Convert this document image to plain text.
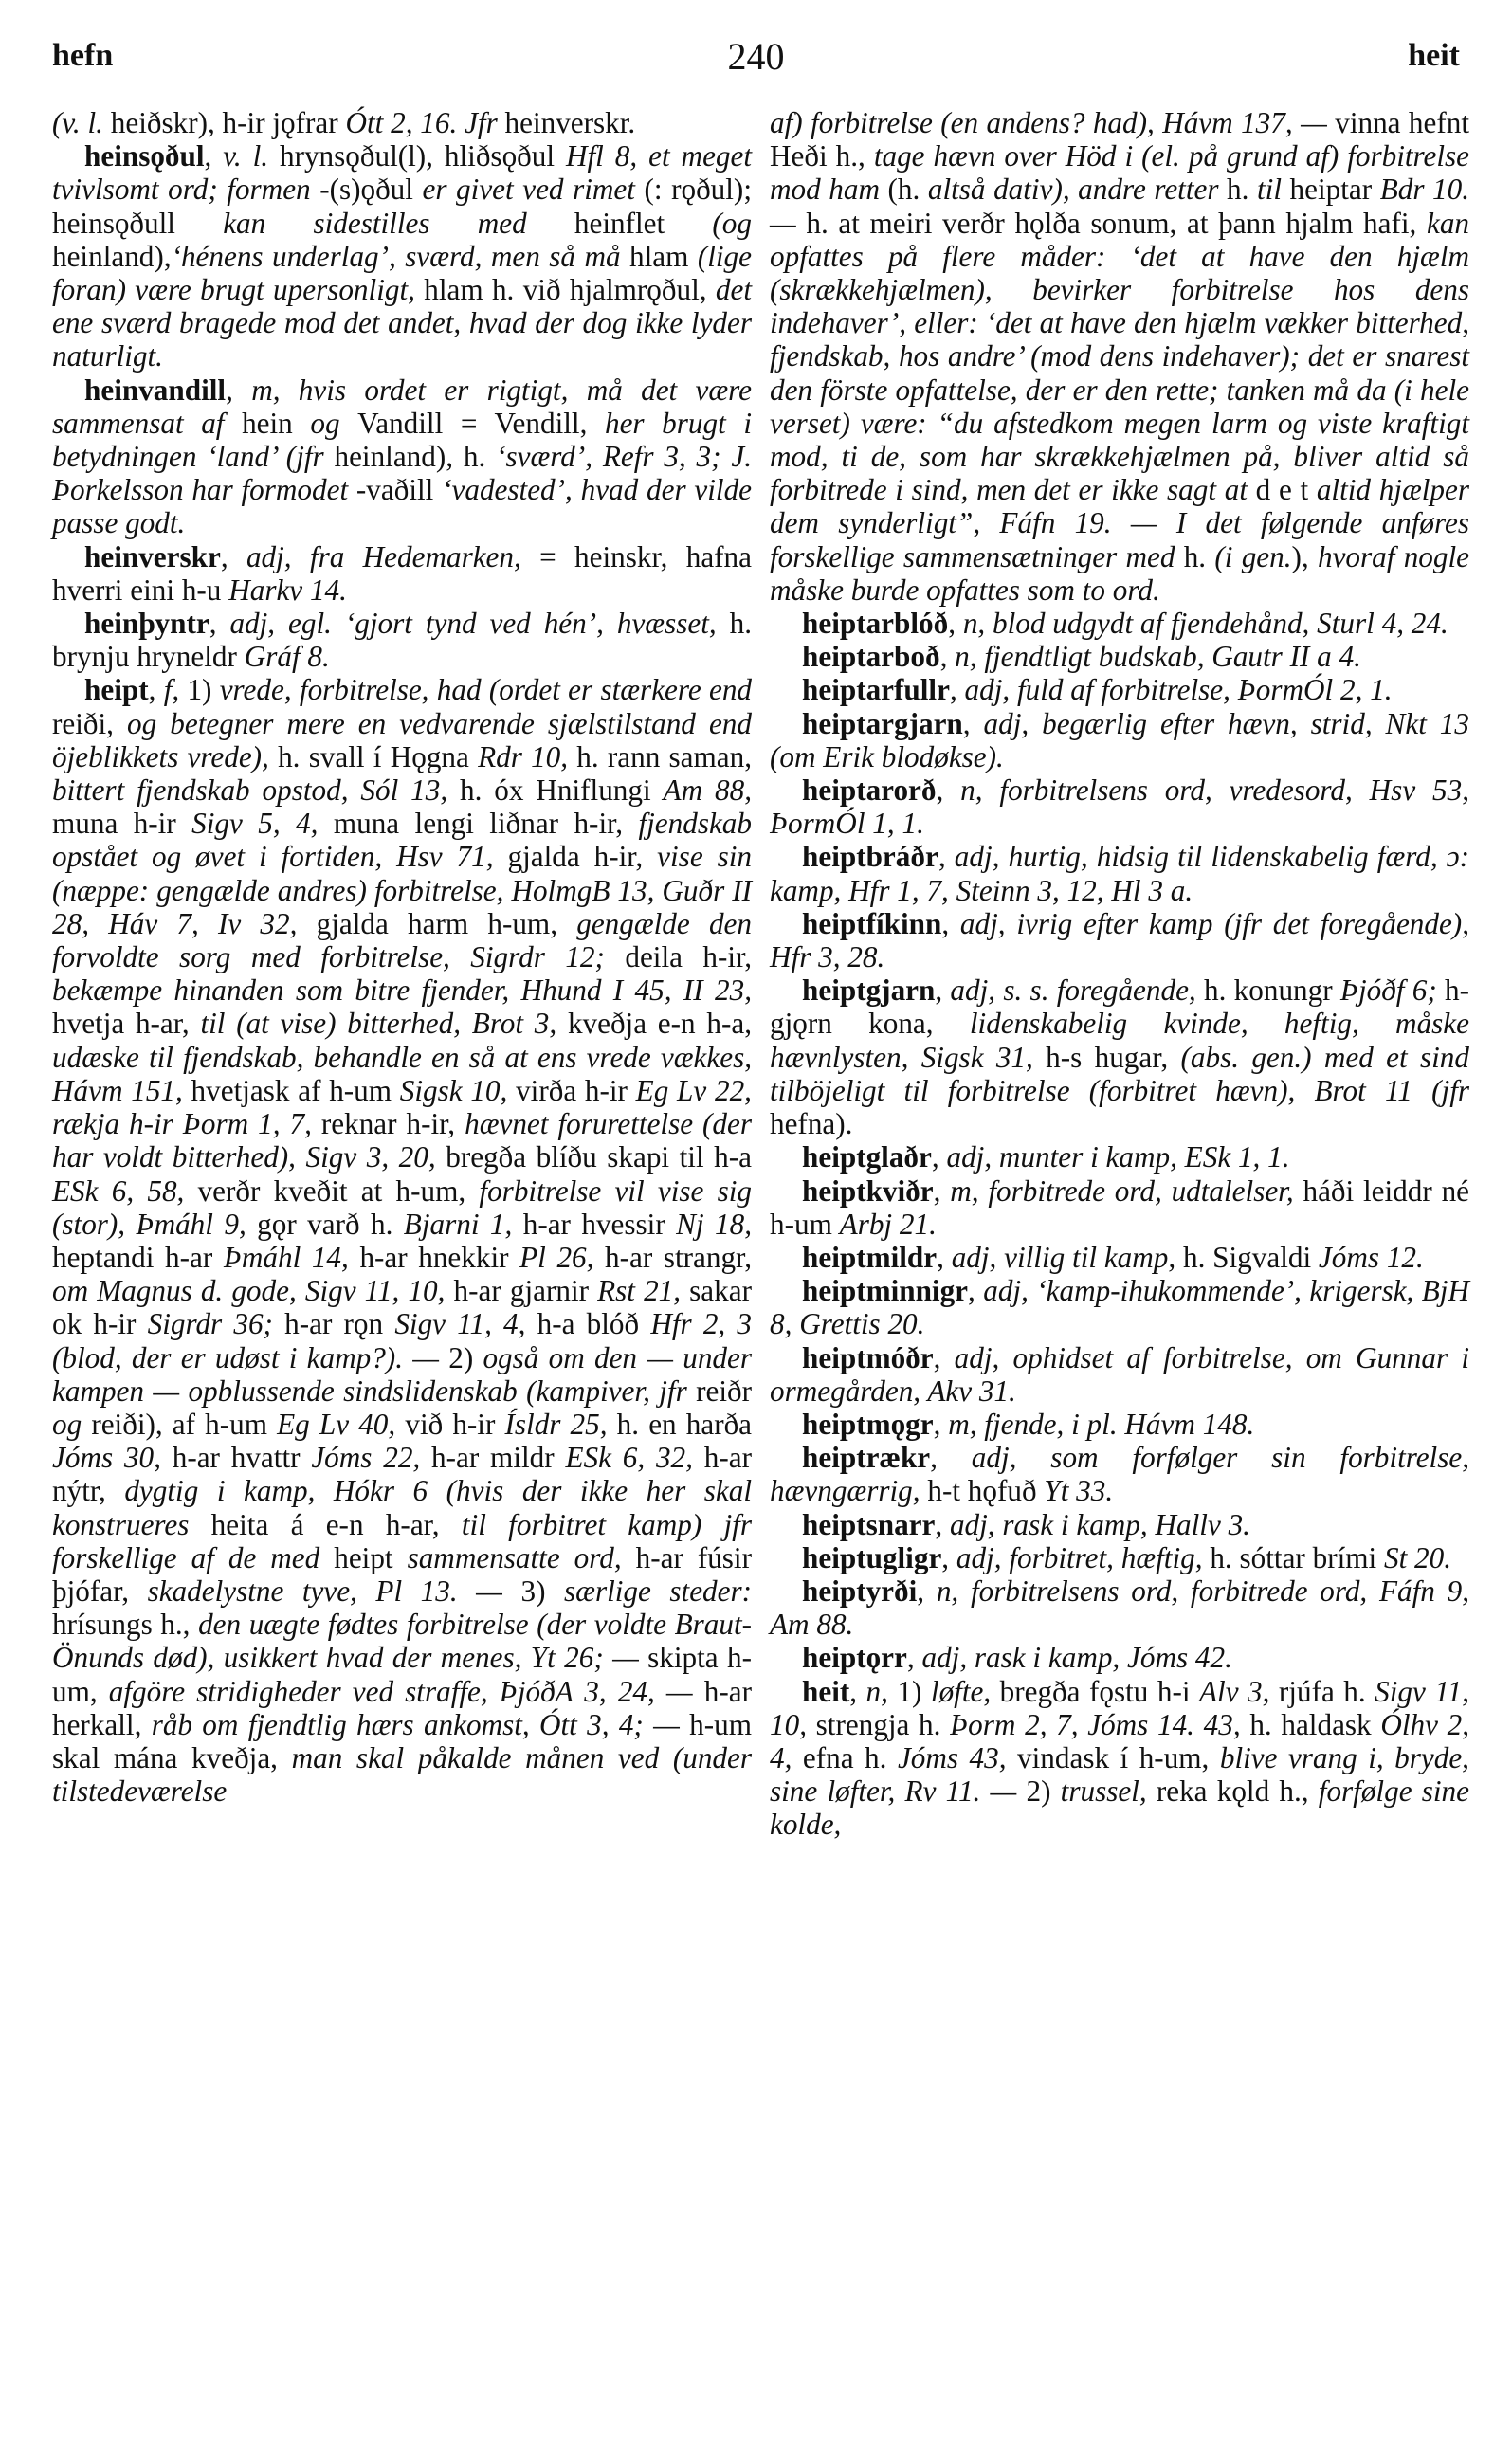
hefn	240	heit

(v. l. heiðskr), h-ir jǫfrar Ótt 2, 16. Jfr heinverskr.

heinsǫðul, v. l. hrynsǫðul(l), hliðsǫðul Hfl 8, et meget tvivlsomt ord; formen -(s)ǫðul er givet ved rimet (: rǫðul); heinsǫðull kan sidestilles med heinflet (og heinland),‘hénens underlag’, sværd, men så må hlam (lige foran) være brugt upersonligt, hlam h. við hjalmrǫðul, det ene sværd bragede mod det andet, hvad der dog ikke lyder naturligt.

heinvandill, m, hvis ordet er rigtigt, må det være sammensat af hein og Vandill = Vendill, her brugt i betydningen ‘land’ (jfr heinland), h. ‘sværd’, Refr 3, 3; J. Þorkelsson har formodet -vaðill ‘vadested’, hvad der vilde passe godt.

heinverskr, adj, fra Hedemarken, = heinskr, hafna hverri eini h-u Harkv 14.

heinþyntr, adj, egl. ‘gjort tynd ved hén’, hvæsset, h. brynju hryneldr Gráf 8.

heipt, f, 1) vrede, forbitrelse, had (ordet er stærkere end reiði, og betegner mere en vedvarende sjælstilstand end öjeblikkets vrede), h. svall í Hǫgna Rdr 10, h. rann saman, bittert fjendskab opstod, Sól 13, h. óx Hniflungi Am 88, muna h-ir Sigv 5, 4, muna lengi liðnar h-ir, fjendskab opstået og øvet i fortiden, Hsv 71, gjalda h-ir, vise sin (næppe: gengælde andres) forbitrelse, HolmgB 13, Guðr II 28, Háv 7, Iv 32, gjalda harm h-um, gengælde den forvoldte sorg med forbitrelse, Sigrdr 12; deila h-ir, bekæmpe hinanden som bitre fjender, Hhund I 45, II 23, hvetja h-ar, til (at vise) bitterhed, Brot 3, kveðja e-n h-a, udæske til fjendskab, behandle en så at ens vrede vækkes, Hávm 151, hvetjask af h-um Sigsk 10, virða h-ir Eg Lv 22, rækja h-ir Þorm 1, 7, reknar h-ir, hævnet forurettelse (der har voldt bitterhed), Sigv 3, 20, bregða blíðu skapi til h-a ESk 6, 58, verðr kveðit at h-um, forbitrelse vil vise sig (stor), Þmáhl 9, gǫr varð h. Bjarni 1, h-ar hvessir Nj 18, heptandi h-ar Þmáhl 14, h-ar hnekkir Pl 26, h-ar strangr, om Magnus d. gode, Sigv 11, 10, h-ar gjarnir Rst 21, sakar ok h-ir Sigrdr 36; h-ar rǫn Sigv 11, 4, h-a blóð Hfr 2, 3 (blod, der er udøst i kamp?). — 2) også om den — under kampen — opblussende sindslidenskab (kampiver, jfr reiðr og reiði), af h-um Eg Lv 40, við h-ir Ísldr 25, h. en harða Jóms 30, h-ar hvattr Jóms 22, h-ar mildr ESk 6, 32, h-ar nýtr, dygtig i kamp, Hókr 6 (hvis der ikke her skal konstrueres heita á e-n h-ar, til forbitret kamp) jfr forskellige af de med heipt sammensatte ord, h-ar fúsir þjófar, skadelystne tyve, Pl 13. — 3) særlige steder: hrísungs h., den uægte fødtes forbitrelse (der voldte Braut-Önunds død), usikkert hvad der menes, Yt 26; — skipta h-um, afgöre stridigheder ved straffe, ÞjóðA 3, 24, — h-ar herkall, råb om fjendtlig hærs ankomst, Ótt 3, 4; — h-um skal mána kveðja, man skal påkalde månen ved (under tilstedeværelse

af) forbitrelse (en andens? had), Hávm 137, — vinna hefnt Heði h., tage hævn over Höd i (el. på grund af) forbitrelse mod ham (h. altså dativ), andre retter h. til heiptar Bdr 10. — h. at meiri verðr hǫlða sonum, at þann hjalm hafi, kan opfattes på flere måder: ‘det at have den hjælm (skrækkehjælmen), bevirker forbitrelse hos dens indehaver’, eller: ‘det at have den hjælm vækker bitterhed, fjendskab, hos andre’ (mod dens indehaver); det er snarest den förste opfattelse, der er den rette; tanken må da (i hele verset) være: “du afstedkom megen larm og viste kraftigt mod, ti de, som har skrækkehjælmen på, bliver altid så forbitrede i sind, men det er ikke sagt at d e t altid hjælper dem synderligt”, Fáfn 19. — I det følgende anføres forskellige sammensætninger med h. (i gen.), hvoraf nogle måske burde opfattes som to ord.

heiptarblóð, n, blod udgydt af fjendehånd, Sturl 4, 24.

heiptarboð, n, fjendtligt budskab, Gautr II a 4.

heiptarfullr, adj, fuld af forbitrelse, ÞormÓl 2, 1.

heiptargjarn, adj, begærlig efter hævn, strid, Nkt 13 (om Erik blodøkse).

heiptarorð, n, forbitrelsens ord, vredesord, Hsv 53, ÞormÓl 1, 1.

heiptbráðr, adj, hurtig, hidsig til lidenskabelig færd, ɔ: kamp, Hfr 1, 7, Steinn 3, 12, Hl 3 a.

heiptfíkinn, adj, ivrig efter kamp (jfr det foregående), Hfr 3, 28.

heiptgjarn, adj, s. s. foregående, h. konungr Þjóðf 6; h-gjǫrn kona, lidenskabelig kvinde, heftig, måske hævnlysten, Sigsk 31, h-s hugar, (abs. gen.) med et sind tilböjeligt til forbitrelse (forbitret hævn), Brot 11 (jfr hefna).

heiptglaðr, adj, munter i kamp, ESk 1, 1.

heiptkviðr, m, forbitrede ord, udtalelser, háði leiddr né h-um Arbj 21.

heiptmildr, adj, villig til kamp, h. Sigvaldi Jóms 12.

heiptminnigr, adj, ‘kamp-ihukommende’, krigersk, BjH 8, Grettis 20.

heiptmóðr, adj, ophidset af forbitrelse, om Gunnar i ormegården, Akv 31.

heiptmǫgr, m, fjende, i pl. Hávm 148.

heiptrækr, adj, som forfølger sin forbitrelse, hævngærrig, h-t hǫfuð Yt 33.

heiptsnarr, adj, rask i kamp, Hallv 3.

heiptugligr, adj, forbitret, hæftig, h. sóttar brími St 20.

heiptyrði, n, forbitrelsens ord, forbitrede ord, Fáfn 9, Am 88.

heiptǫrr, adj, rask i kamp, Jóms 42.

heit, n, 1) løfte, bregða fǫstu h-i Alv 3, rjúfa h. Sigv 11, 10, strengja h. Þorm 2, 7, Jóms 14. 43, h. haldask Ólhv 2, 4, efna h. Jóms 43, vindask í h-um, blive vrang i, bryde, sine løfter, Rv 11. — 2) trussel, reka kǫld h., forfølge sine kolde,
